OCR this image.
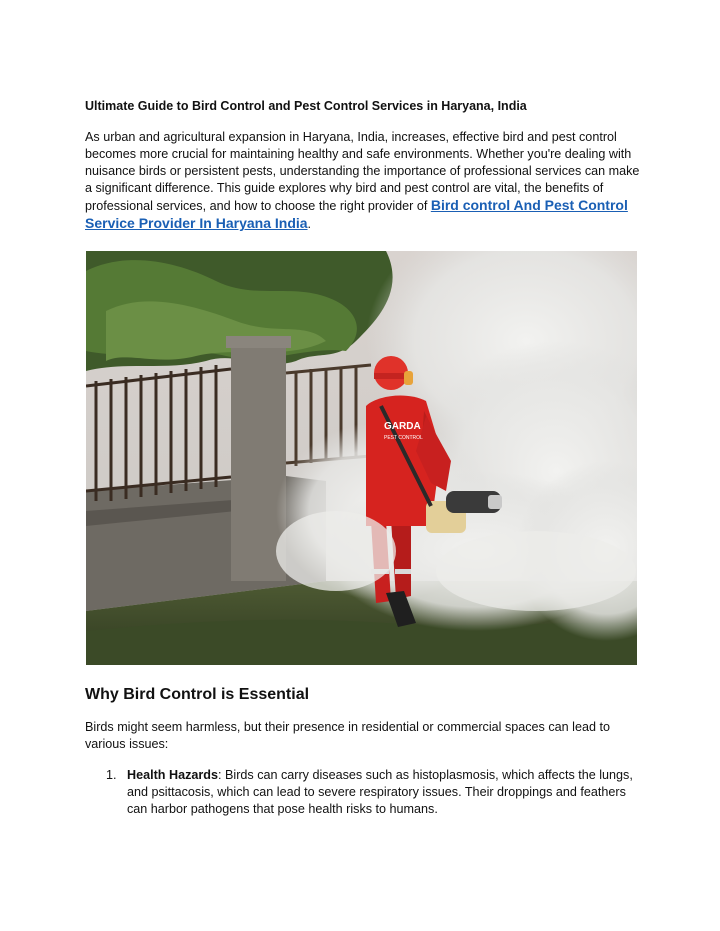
Ultimate Guide to Bird Control and Pest Control Services in Haryana, India
As urban and agricultural expansion in Haryana, India, increases, effective bird and pest control becomes more crucial for maintaining healthy and safe environments. Whether you're dealing with nuisance birds or persistent pests, understanding the importance of professional services can make a significant difference. This guide explores why bird and pest control are vital, the benefits of professional services, and how to choose the right provider of Bird control And Pest Control Service Provider In Haryana India.
GARDA
PEST CONTROL
Why Bird Control is Essential
Birds might seem harmless, but their presence in residential or commercial spaces can lead to various issues:
1. Health Hazards: Birds can carry diseases such as histoplasmosis, which affects the lungs, and psittacosis, which can lead to severe respiratory issues. Their droppings and feathers can harbor pathogens that pose health risks to humans.
